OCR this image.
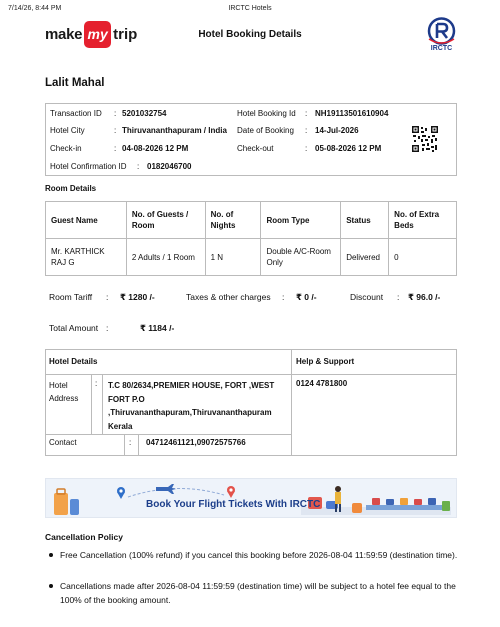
7/14/26, 8:44 PM	IRCTC Hotels
make my trip	Hotel Booking Details
IRCTC
Lalit Mahal
Transaction ID : 5201032754	Hotel Booking Id : NH19113501610904
Hotel City	: Thiruvananthapuram / India Date of Booking : 14-Jul-2026
Check-in	: 04-08-2026 12 PM	Check-out	: 05-08-2026 12 PM
Hotel Confirmation ID : 0182046700
Room Details
Guest Name	No. of Guests / Room	No. of Nights	Room Type	Status	No. of Extra Beds
Mr. KARTHICK RAJ G	2 Adults / 1 Room	1 N	Double A/C-Room Only	Delivered	0
Room Tariff : ₹ 1280 /-	Taxes & other charges : ₹ 0 /-	Discount : ₹ 96.0 /-
Total Amount :	₹ 1184 /-
Hotel Details	Help & Support
Hotel Address
: T.C 80/2634,PREMIER HOUSE, FORT ,WEST FORT P.O ,Thiruvananthapuram,Thiruvananthapuram Kerala
Contact	: 04712461121,09072575766
0124 4781800
Book Your Flight Tickets With IRCTC
Cancellation Policy
Free Cancellation (100% refund) if you cancel this booking before 2026-08-04 11:59:59 (destination time).
Cancellations made after 2026-08-04 11:59:59 (destination time) will be subject to a hotel fee equal to the 100% of the booking amount.
